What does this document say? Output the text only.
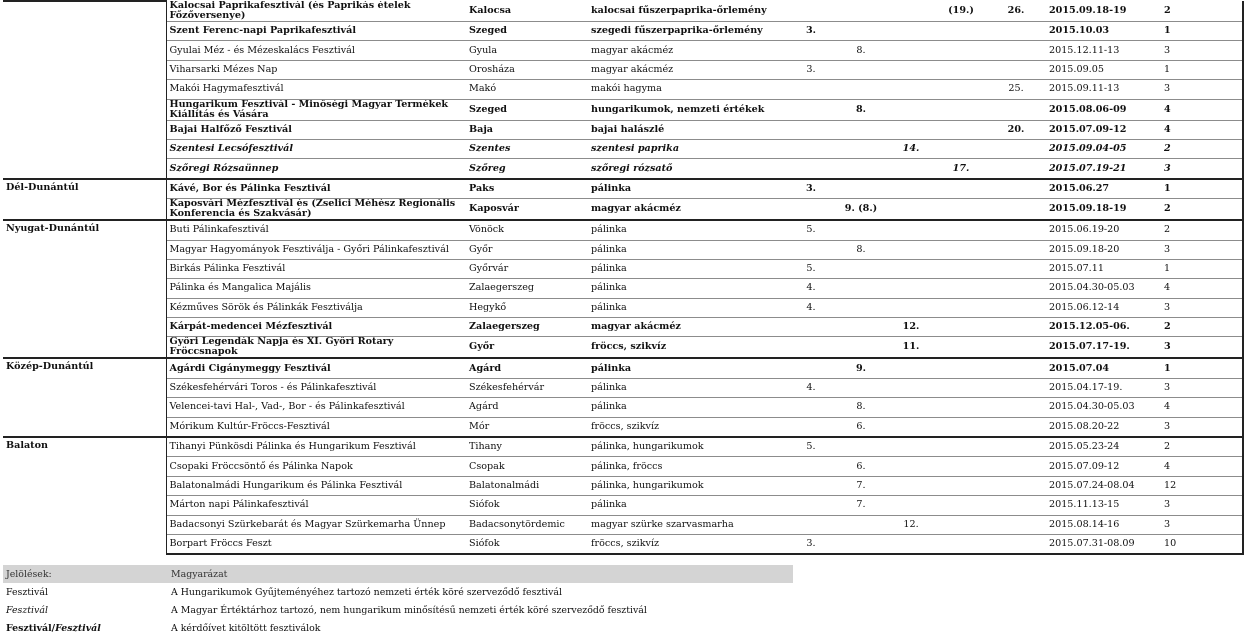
	Kalocsai Paprikafesztivál (és Paprikás ételek Főzőversenye)	Kalocsa	kalocsai fűszerpaprika-őrlemény				(19.)	26.	2015.09.18-19	2
	Szent Ferenc-napi Paprikafesztivál	Szeged	szegedi fűszerpaprika-őrlemény	3.					2015.10.03	1
	Gyulai Méz - és Mézeskalács Fesztivál	Gyula	magyar akácméz		8.				2015.12.11-13	3
	Viharsarki Mézes Nap	Orosháza	magyar akácméz	3.					2015.09.05	1
	Makói Hagymafesztivál	Makó	makói hagyma					25.	2015.09.11-13	3
	Hungarikum Fesztivál - Minőségi Magyar Termékek Kiállítás és Vására	Szeged	hungarikumok, nemzeti értékek		8.				2015.08.06-09	4
	Bajai Halfőző Fesztivál	Baja	bajai halászlé					20.	2015.07.09-12	4
	Szentesi Lecsófesztivál	Szentes	szentesi paprika			14.			2015.09.04-05	2
	Szőregi Rózsaünnep	Szőreg	szőregi rózsatő				17.		2015.07.19-21	3
Dél-Dunántúl	Kávé, Bor és Pálinka Fesztivál	Paks	pálinka	3.					2015.06.27	1
	Kaposvári Mézfesztivál és (Zselici Méhész Regionális Konferencia és Szakvásár)	Kaposvár	magyar akácméz		9. (8.)				2015.09.18-19	2
Nyugat-Dunántúl	Buti Pálinkafesztivál	Vönöck	pálinka	5.					2015.06.19-20	2
	Magyar Hagyományok Fesztiválja - Győri Pálinkafesztivál	Győr	pálinka		8.				2015.09.18-20	3
	Birkás Pálinka Fesztivál	Győrvár	pálinka	5.					2015.07.11	1
	Pálinka és Mangalica Majális	Zalaegerszeg	pálinka	4.					2015.04.30-05.03	4
	Kézműves Sörök és Pálinkák Fesztiválja	Hegykő	pálinka	4.					2015.06.12-14	3
	Kárpát-medencei Mézfesztivál	Zalaegerszeg	magyar akácméz			12.			2015.12.05-06.	2
	Győri Legendák Napja és XI. Győri Rotary Fröccsnapok	Győr	fröccs, szikvíz			11.			2015.07.17-19.	3
Közép-Dunántúl	Agárdi Cigánymeggy Fesztivál	Agárd	pálinka		9.				2015.07.04	1
	Székesfehérvári Toros - és Pálinkafesztivál	Székesfehérvár	pálinka	4.					2015.04.17-19.	3
	Velencei-tavi Hal-, Vad-, Bor - és Pálinkafesztivál	Agárd	pálinka		8.				2015.04.30-05.03	4
	Mórikum Kultúr-Fröccs-Fesztivál	Mór	fröccs, szikvíz		6.				2015.08.20-22	3
Balaton	Tihanyi Pünkösdi Pálinka és Hungarikum Fesztivál	Tihany	pálinka, hungarikumok	5.					2015.05.23-24	2
	Csopaki Fröccsöntő és Pálinka Napok	Csopak	pálinka, fröccs		6.				2015.07.09-12	4
	Balatonalmádi Hungarikum és Pálinka Fesztivál	Balatonalmádi	pálinka, hungarikumok		7.				2015.07.24-08.04	12
	Márton napi Pálinkafesztivál	Siófok	pálinka		7.				2015.11.13-15	3
	Badacsonyi Szürkebarát és Magyar Szürkemarha Ünnep	Badacsonytördemic	magyar szürke szarvasmarha			12.			2015.08.14-16	3
	Borpart Fröccs Feszt	Siófok	fröccs, szikvíz	3.					2015.07.31-08.09	10
Jelölések:	Magyarázat
Fesztivál	A Hungarikumok Gyűjteményéhez tartozó nemzeti érték köré szerveződő fesztivál
Fesztivál	A Magyar Értéktárhoz tartozó, nem hungarikum minősítésű nemzeti érték köré szerveződő fesztivál
Fesztivál/Fesztivál	A kérdőívet kitöltött fesztiválok
